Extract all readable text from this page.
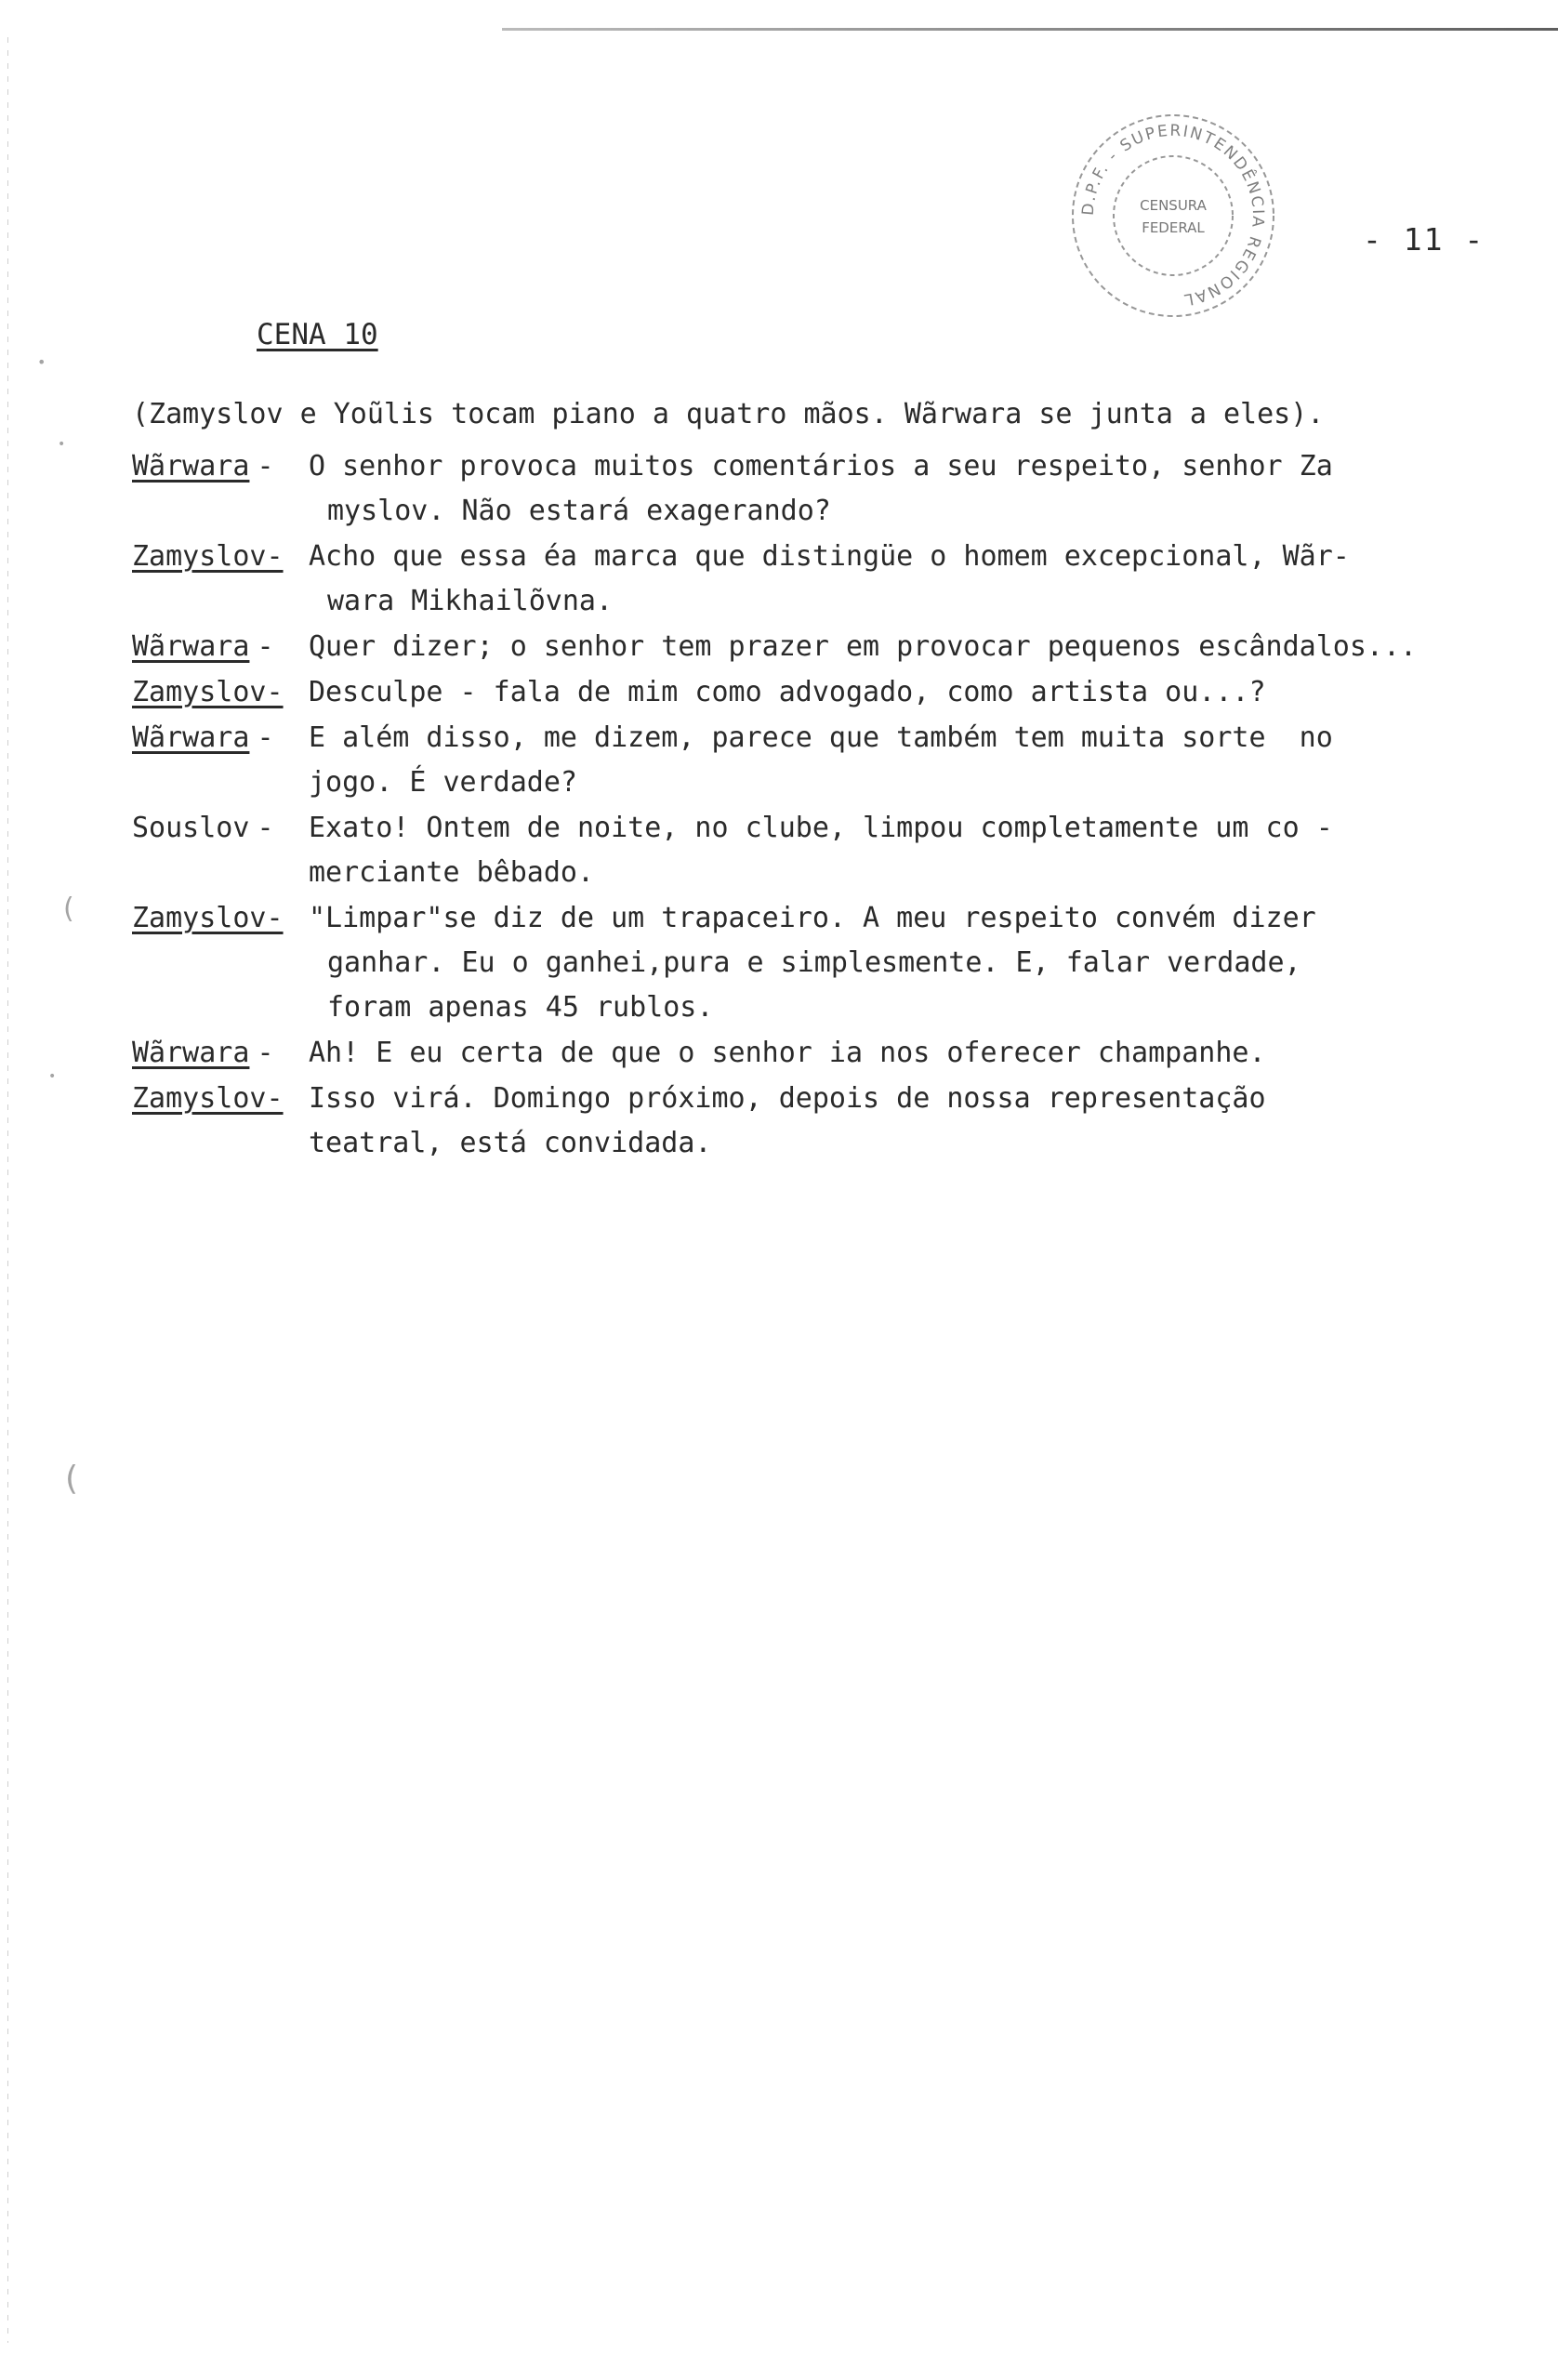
•
•
(
•
(
D.P.F. - SUPERINTENDÊNCIA REGIONAL
CENSURA
FEDERAL	- 11 -
CENA 10
(Zamyslov e Yoũlis tocam piano a quatro mãos. Wãrwara se junta a eles).
Wãrwara -	O senhor provoca muitos comentários a seu respeito, senhor Za
myslov. Não estará exagerando?
Zamyslov- Acho que essa éa marca que distingüe o homem excepcional, Wãr-
wara Mikhailõvna.
Wãrwara -	Quer dizer; o senhor tem prazer em provocar pequenos escândalos...
Zamyslov- Desculpe - fala de mim como advogado, como artista ou...?
Wãrwara -	E além disso, me dizem, parece que também tem muita sorte  no
jogo. É verdade?
Souslov -	Exato! Ontem de noite, no clube, limpou completamente um co -
merciante bêbado.
Zamyslov- "Limpar"se diz de um trapaceiro. A meu respeito convém dizer
ganhar. Eu o ganhei,pura e simplesmente. E, falar verdade,
foram apenas 45 rublos.
Wãrwara -	Ah! E eu certa de que o senhor ia nos oferecer champanhe.
Zamyslov- Isso virá. Domingo próximo, depois de nossa representação
teatral, está convidada.
